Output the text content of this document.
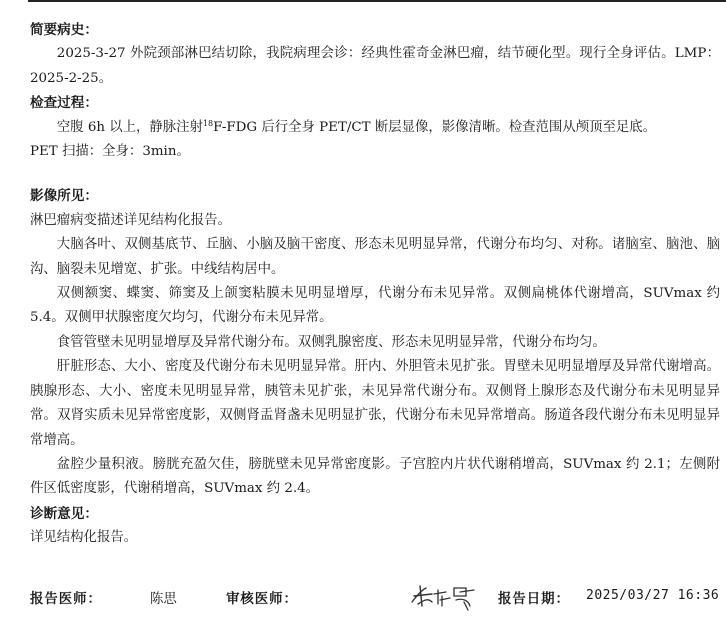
简要病史：
2025-3-27 外院颈部淋巴结切除，我院病理会诊：经典性霍奇金淋巴瘤，结节硬化型。现行全身评估。LMP：2025-2-25。
检查过程：
空腹 6h 以上，静脉注射$^{18}$F-FDG 后行全身 PET/CT 断层显像，影像清晰。检查范围从颅顶至足底。
PET 扫描：全身：3min。
影像所见：
淋巴瘤病变描述详见结构化报告。
大脑各叶、双侧基底节、丘脑、小脑及脑干密度、形态未见明显异常，代谢分布均匀、对称。诸脑室、脑池、脑沟、脑裂未见增宽、扩张。中线结构居中。
双侧额窦、蝶窦、筛窦及上颌窦粘膜未见明显增厚，代谢分布未见异常。双侧扁桃体代谢增高，SUVmax 约 5.4。双侧甲状腺密度欠均匀，代谢分布未见异常。
食管管壁未见明显增厚及异常代谢分布。双侧乳腺密度、形态未见明显异常，代谢分布均匀。
肝脏形态、大小、密度及代谢分布未见明显异常。肝内、外胆管未见扩张。胃壁未见明显增厚及异常代谢增高。胰腺形态、大小、密度未见明显异常，胰管未见扩张，未见异常代谢分布。双侧肾上腺形态及代谢分布未见明显异常。双肾实质未见异常密度影，双侧肾盂肾盏未见明显扩张，代谢分布未见异常增高。肠道各段代谢分布未见明显异常增高。
盆腔少量积液。膀胱充盈欠佳，膀胱壁未见异常密度影。子宫腔内片状代谢稍增高，SUVmax 约 2.1；左侧附件区低密度影，代谢稍增高，SUVmax 约 2.4。
诊断意见：
详见结构化报告。
报告医师：	陈思	审核医师：	报告日期： 2025/03/27 16:36
